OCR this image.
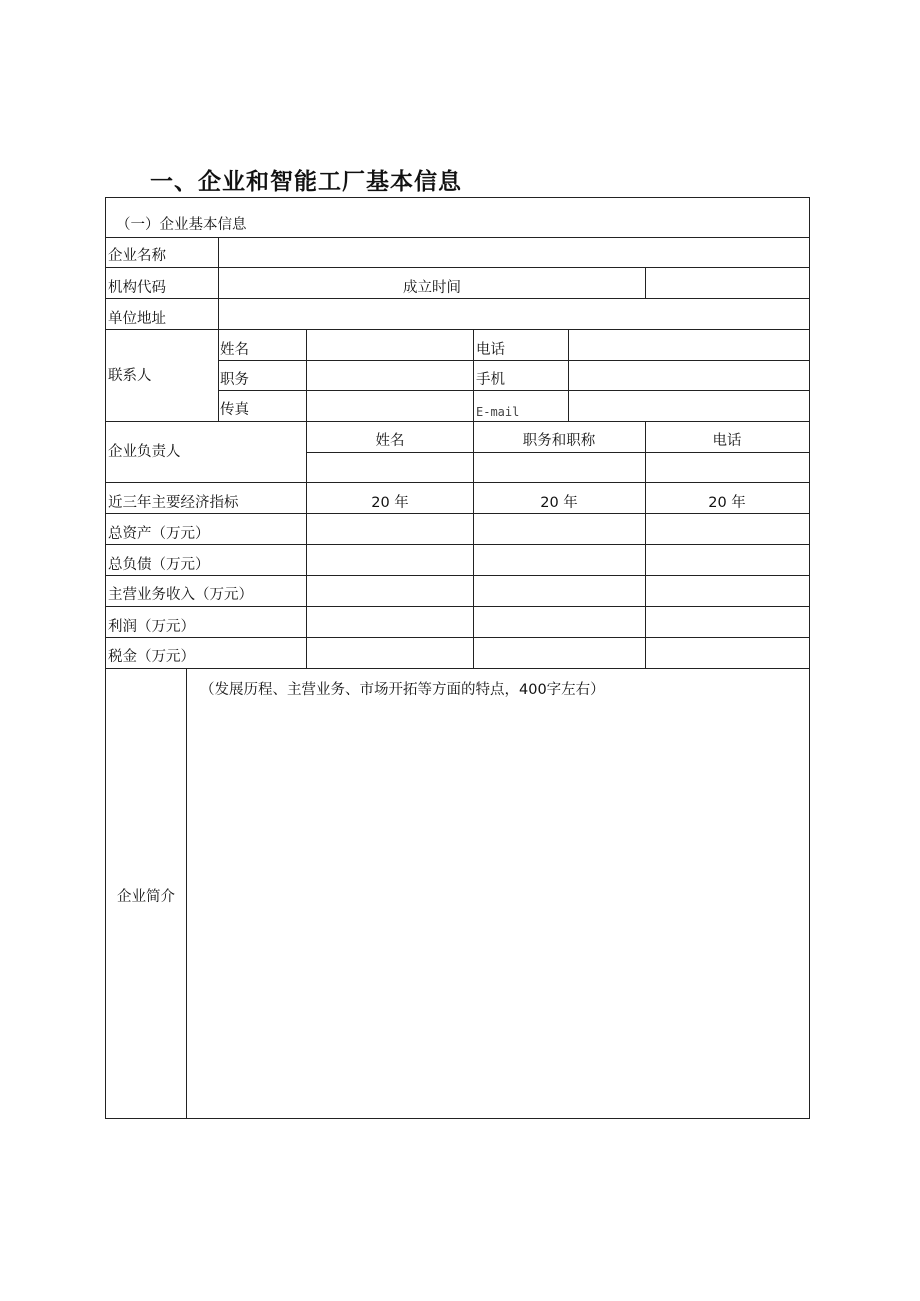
一、企业和智能工厂基本信息
（一）企业基本信息
企业名称
机构代码	成立时间
单位地址
联系人
姓名	电话
职务	手机
传真	E-mail
企业负责人
姓名	职务和职称	电话
近三年主要经济指标	20 年	20 年	20 年
总资产（万元）
总负债（万元）
主营业务收入（万元）
利润（万元）
税金（万元）
企业简介
（发展历程、主营业务、市场开拓等方面的特点，400字左右）
